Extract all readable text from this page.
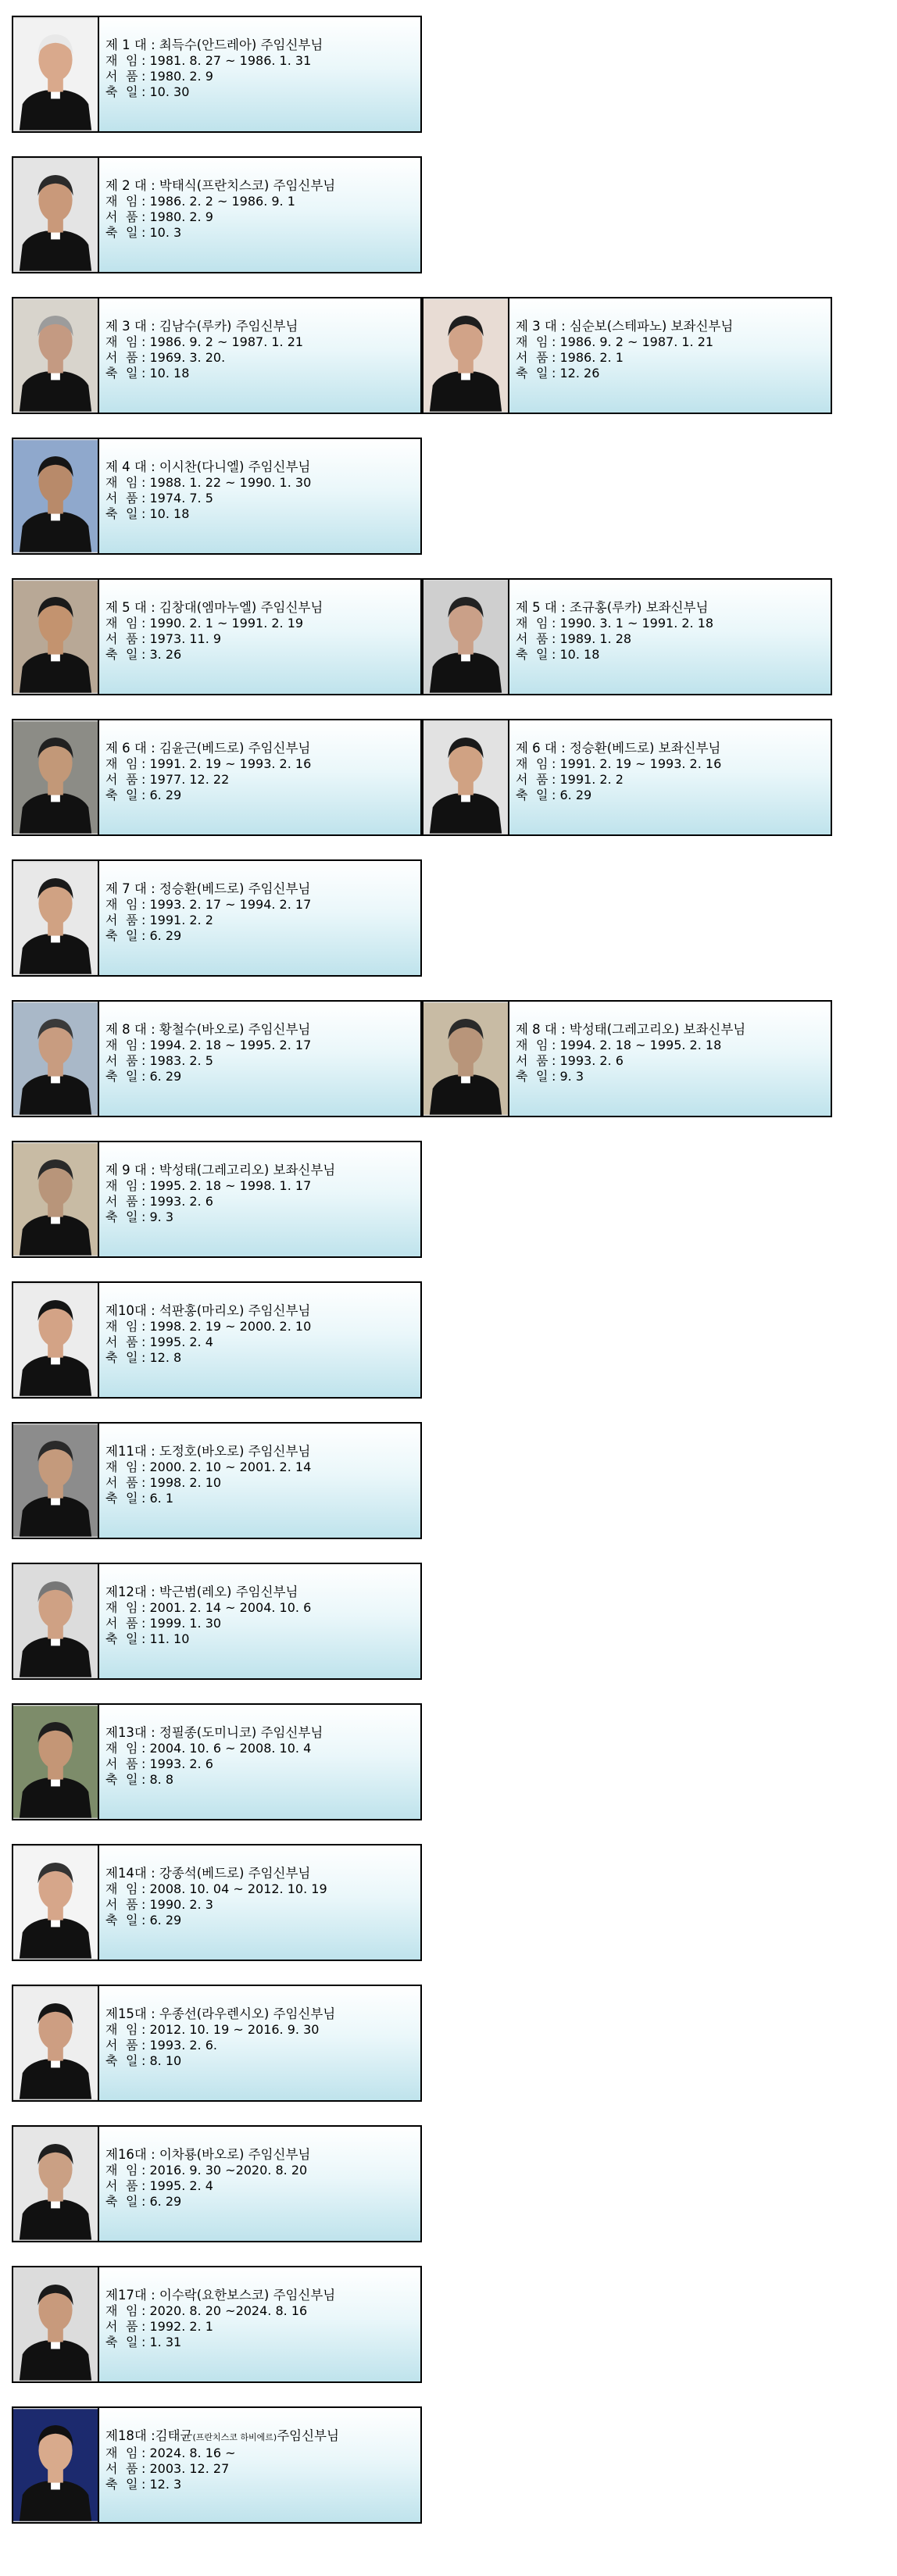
제 1 대 : 최득수(안드레아) 주임신부님
재 임 : 1981. 8. 27 ~ 1986. 1. 31
서 품 : 1980. 2. 9
축 일 : 10. 30
제 2 대 : 박태식(프란치스코) 주임신부님
재 임 : 1986. 2. 2 ~ 1986. 9. 1
서 품 : 1980. 2. 9
축 일 : 10. 3
제 3 대 : 김남수(루카) 주임신부님
재 임 : 1986. 9. 2 ~ 1987. 1. 21
서 품 : 1969. 3. 20.
축 일 : 10. 18
제 3 대 : 심순보(스테파노) 보좌신부님
재 임 : 1986. 9. 2 ~ 1987. 1. 21
서 품 : 1986. 2. 1
축 일 : 12. 26
제 4 대 : 이시찬(다니엘) 주임신부님
재 임 : 1988. 1. 22 ~ 1990. 1. 30
서 품 : 1974. 7. 5
축 일 : 10. 18
제 5 대 : 김창대(엠마누엘) 주임신부님
재 임 : 1990. 2. 1 ~ 1991. 2. 19
서 품 : 1973. 11. 9
축 일 : 3. 26
제 5 대 : 조규홍(루카) 보좌신부님
재 임 : 1990. 3. 1 ~ 1991. 2. 18
서 품 : 1989. 1. 28
축 일 : 10. 18
제 6 대 : 김윤근(베드로) 주임신부님
재 임 : 1991. 2. 19 ~ 1993. 2. 16
서 품 : 1977. 12. 22
축 일 : 6. 29
제 6 대 : 정승환(베드로) 보좌신부님
재 임 : 1991. 2. 19 ~ 1993. 2. 16
서 품 : 1991. 2. 2
축 일 : 6. 29
제 7 대 : 정승환(베드로) 주임신부님
재 임 : 1993. 2. 17 ~ 1994. 2. 17
서 품 : 1991. 2. 2
축 일 : 6. 29
제 8 대 : 황철수(바오로) 주임신부님
재 임 : 1994. 2. 18 ~ 1995. 2. 17
서 품 : 1983. 2. 5
축 일 : 6. 29
제 8 대 : 박성태(그레고리오) 보좌신부님
재 임 : 1994. 2. 18 ~ 1995. 2. 18
서 품 : 1993. 2. 6
축 일 : 9. 3
제 9 대 : 박성태(그레고리오) 보좌신부님
재 임 : 1995. 2. 18 ~ 1998. 1. 17
서 품 : 1993. 2. 6
축 일 : 9. 3
제10대 : 석판홍(마리오) 주임신부님
재 임 : 1998. 2. 19 ~ 2000. 2. 10
서 품 : 1995. 2. 4
축 일 : 12. 8
제11대 : 도정호(바오로) 주임신부님
재 임 : 2000. 2. 10 ~ 2001. 2. 14
서 품 : 1998. 2. 10
축 일 : 6. 1
제12대 : 박근범(레오) 주임신부님
재 임 : 2001. 2. 14 ~ 2004. 10. 6
서 품 : 1999. 1. 30
축 일 : 11. 10
제13대 : 정필종(도미니코) 주임신부님
재 임 : 2004. 10. 6 ~ 2008. 10. 4
서 품 : 1993. 2. 6
축 일 : 8. 8
제14대 : 강종석(베드로) 주임신부님
재 임 : 2008. 10. 04 ~ 2012. 10. 19
서 품 : 1990. 2. 3
축 일 : 6. 29
제15대 : 우종선(라우렌시오) 주임신부님
재 임 : 2012. 10. 19 ~ 2016. 9. 30
서 품 : 1993. 2. 6.
축 일 : 8. 10
제16대 : 이차룡(바오로) 주임신부님
재 임 : 2016. 9. 30 ~2020. 8. 20
서 품 : 1995. 2. 4
축 일 : 6. 29
제17대 : 이수락(요한보스코) 주임신부님
재 임 : 2020. 8. 20 ~2024. 8. 16
서 품 : 1992. 2. 1
축 일 : 1. 31
제18대 :김태균(프란치스코 하비에르)주임신부님
재 임 : 2024. 8. 16 ~
서 품 : 2003. 12. 27
축 일 : 12. 3
